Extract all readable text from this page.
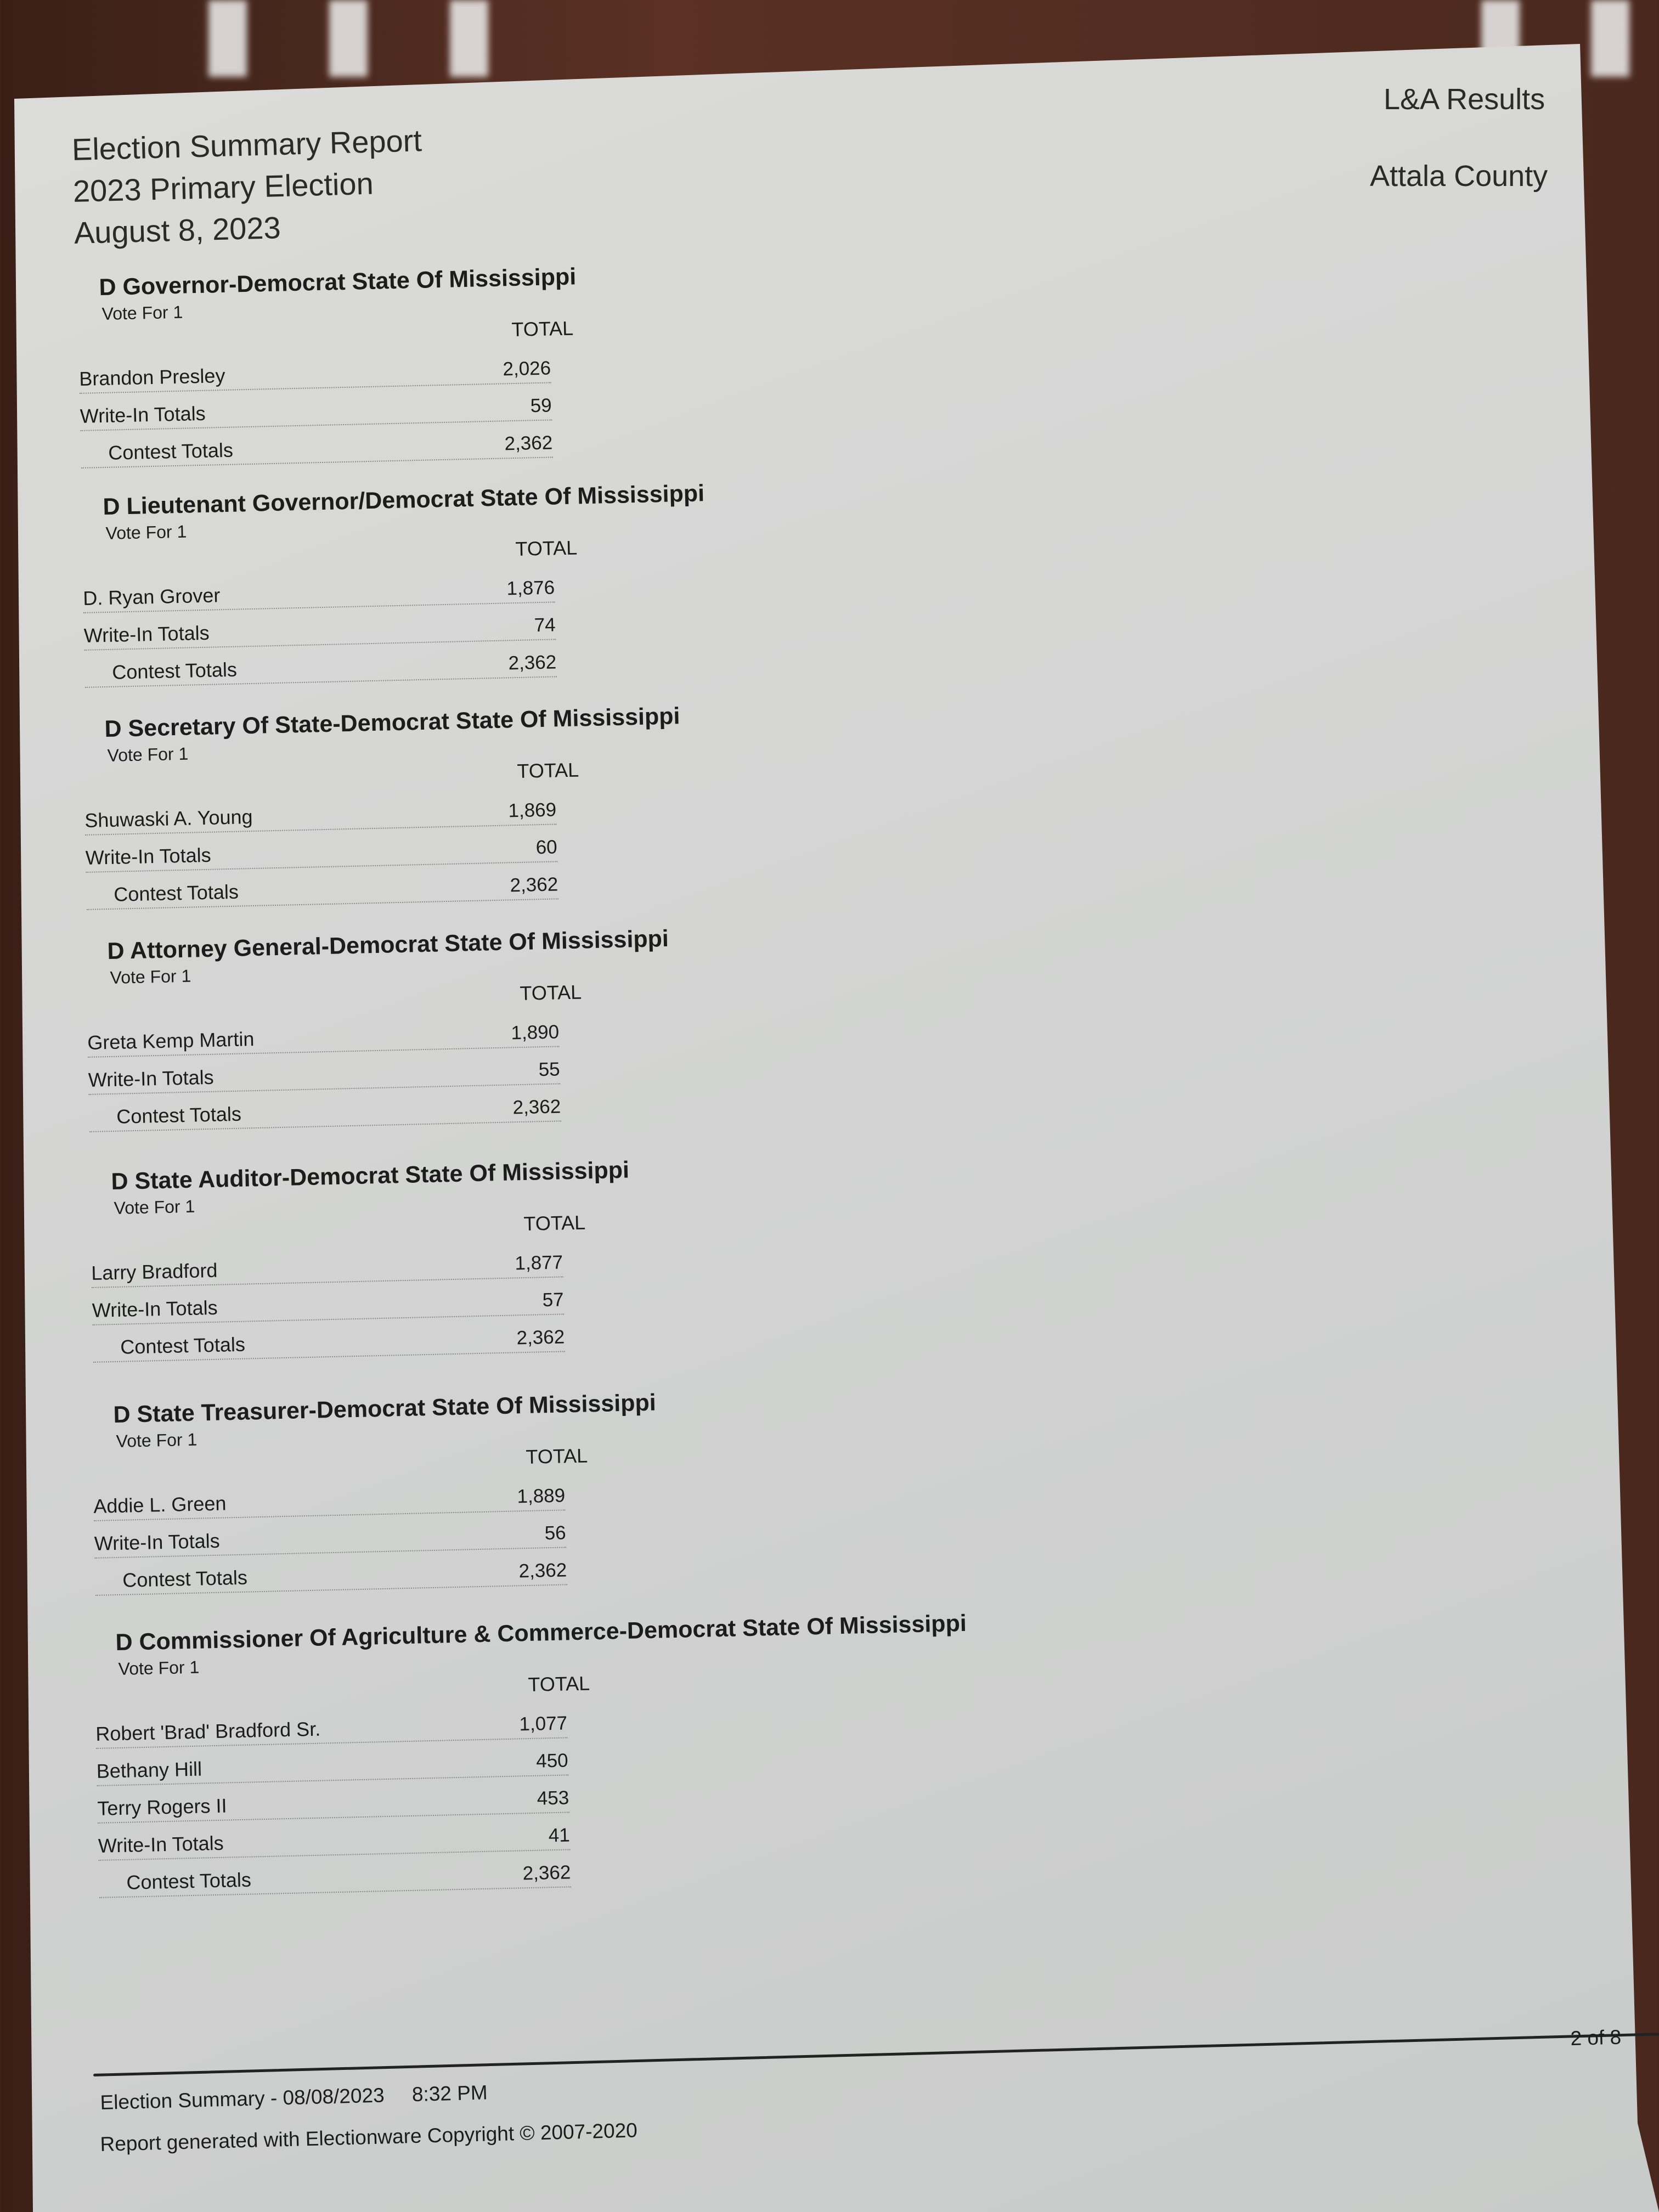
Election Summary Report
2023 Primary Election
August 8, 2023
L&A Results
Attala County
D Governor-Democrat State Of Mississippi
Vote For 1
TOTAL
Brandon Presley	2,026
Write-In Totals	59
Contest Totals	2,362
D Lieutenant Governor/Democrat State Of Mississippi
Vote For 1
TOTAL
D. Ryan Grover	1,876
Write-In Totals	74
Contest Totals	2,362
D Secretary Of State-Democrat State Of Mississippi
Vote For 1
TOTAL
Shuwaski A. Young	1,869
Write-In Totals	60
Contest Totals	2,362
D Attorney General-Democrat State Of Mississippi
Vote For 1
TOTAL
Greta Kemp Martin	1,890
Write-In Totals	55
Contest Totals	2,362
D State Auditor-Democrat State Of Mississippi
Vote For 1
TOTAL
Larry Bradford	1,877
Write-In Totals	57
Contest Totals	2,362
D State Treasurer-Democrat State Of Mississippi
Vote For 1
TOTAL
Addie L. Green	1,889
Write-In Totals	56
Contest Totals	2,362
D Commissioner Of Agriculture & Commerce-Democrat State Of Mississippi
Vote For 1
TOTAL
Robert 'Brad' Bradford Sr.	1,077
Bethany Hill	450
Terry Rogers II	453
Write-In Totals	41
Contest Totals	2,362
2 of 8
Election Summary - 08/08/2023 8:32 PM
Report generated with Electionware Copyright © 2007-2020
